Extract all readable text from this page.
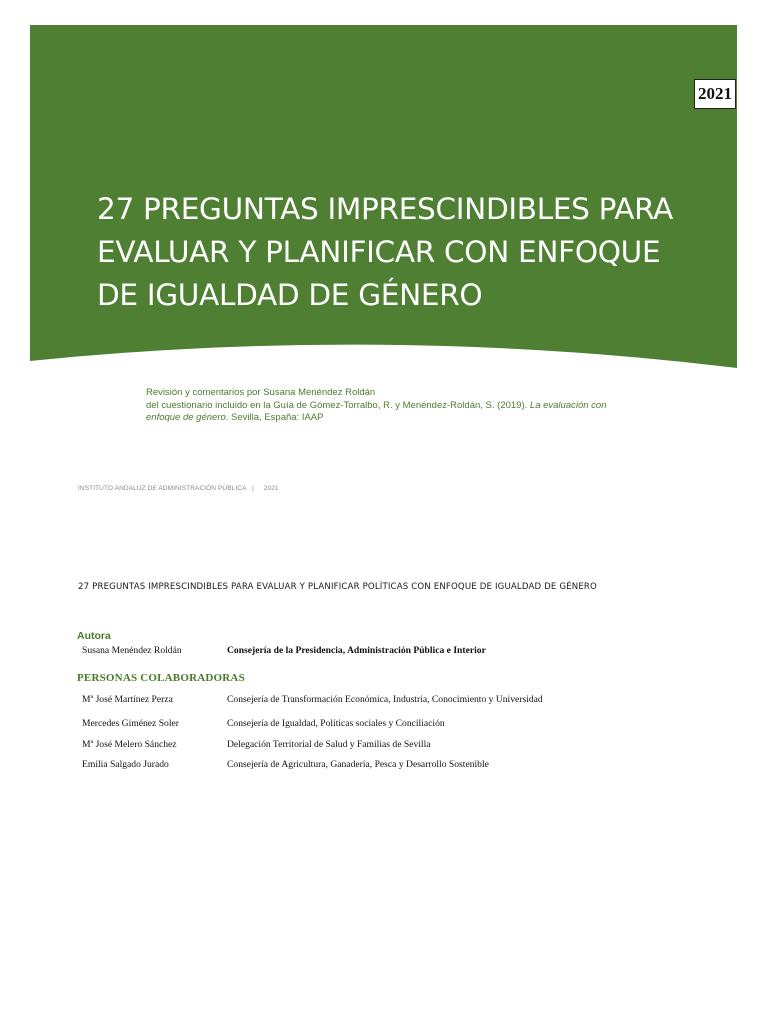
2021
27 PREGUNTAS IMPRESCINDIBLES PARA
EVALUAR Y PLANIFICAR CON ENFOQUE
DE IGUALDAD DE GÉNERO
Revisión y comentarios por Susana Menéndez Roldán
del cuestionario incluido en la Guía de Gómez-Torralbo, R. y Menéndez-Roldán, S. (2019). La evaluación con
enfoque de género. Sevilla, España: IAAP
INSTITUTO ANDALUZ DE ADMINISTRACIÓN PÚBLICA | 2021
27 PREGUNTAS IMPRESCINDIBLES PARA EVALUAR Y PLANIFICAR POLÍTICAS CON ENFOQUE DE IGUALDAD DE GÉNERO
Autora
Susana Menéndez Roldán	Consejería de la Presidencia, Administración Pública e Interior
PERSONAS COLABORADORAS
Mª José Martínez Perza	Consejería de Transformación Económica, Industria, Conocimiento y Universidad
Mercedes Giménez Soler	Consejería de Igualdad, Políticas sociales y Conciliación
Mª José Melero Sánchez	Delegación Territorial de Salud y Familias de Sevilla
Emilia Salgado Jurado	Consejería de Agricultura, Ganadería, Pesca y Desarrollo Sostenible
